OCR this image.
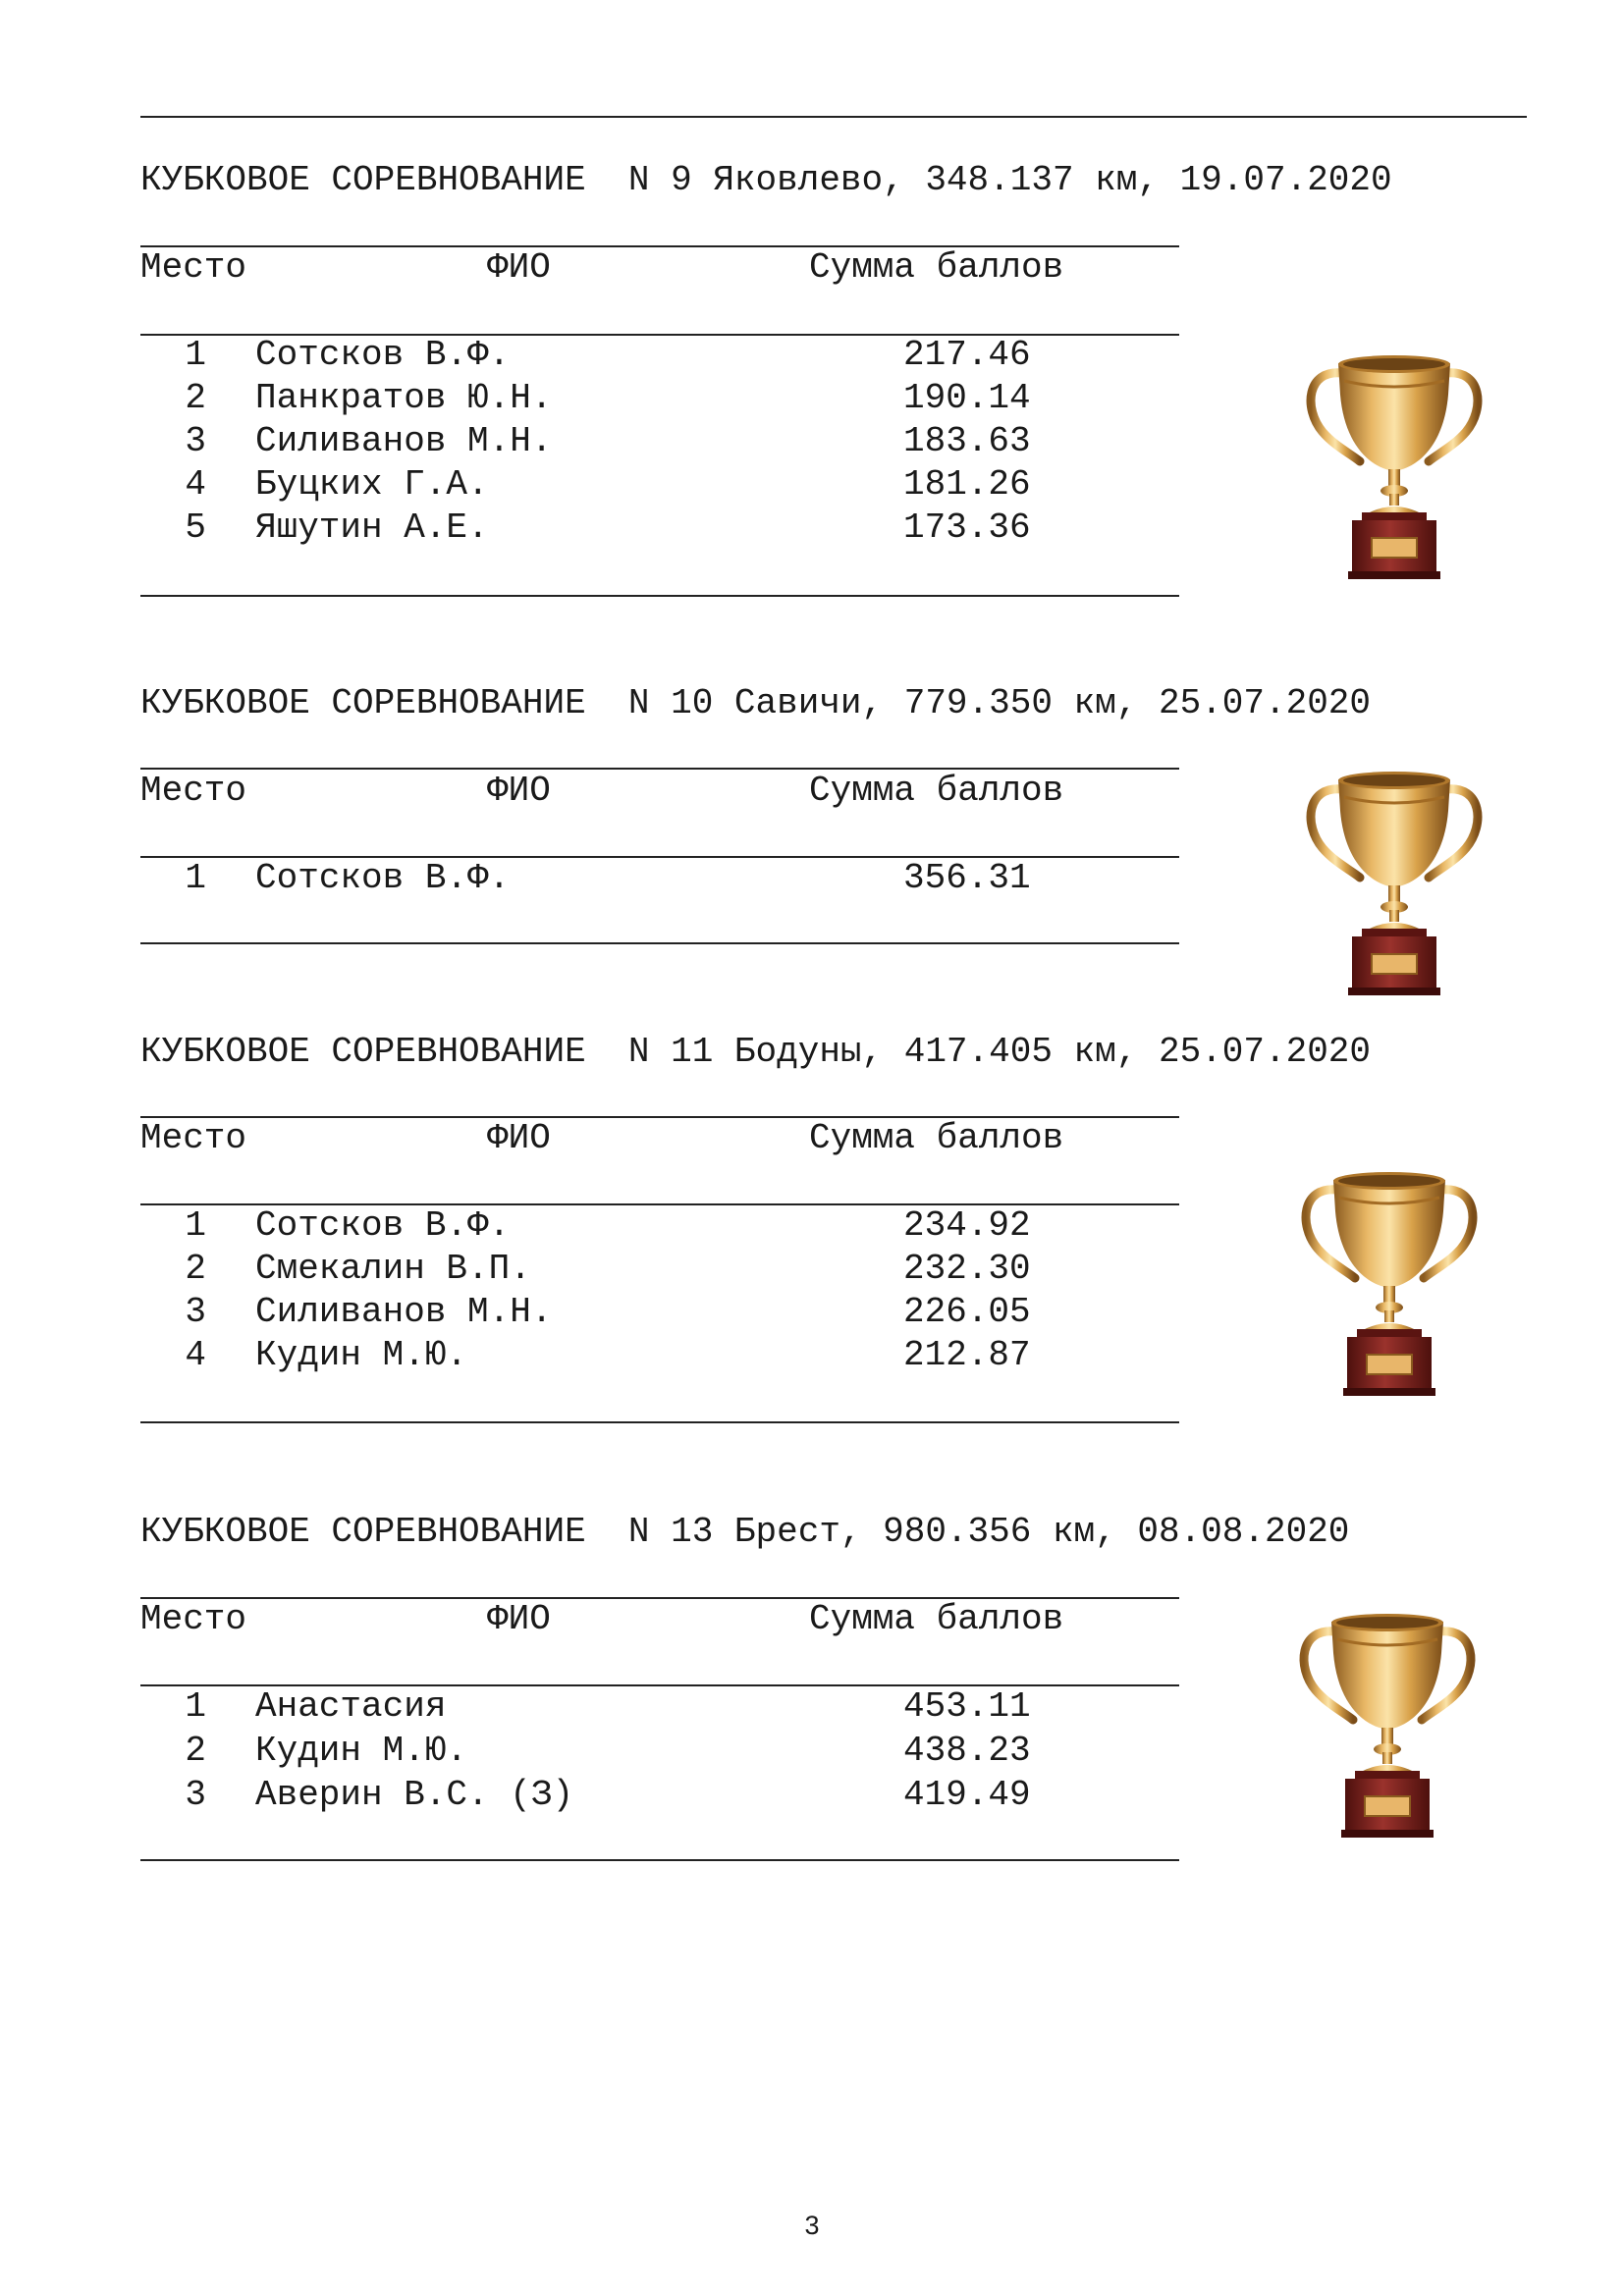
КУБКОВОЕ СОРЕВНОВАНИЕ  N 9 Яковлево, 348.137 км, 19.07.2020
Место	ФИО	Сумма баллов
1 Сотсков В.Ф.	217.46
2 Панкратов Ю.Н.	190.14
3 Силиванов М.Н.	183.63
4 Буцких Г.А.	181.26
5 Яшутин А.Е.	173.36
КУБКОВОЕ СОРЕВНОВАНИЕ  N 10 Савичи, 779.350 км, 25.07.2020
Место	ФИО	Сумма баллов
1 Сотсков В.Ф.	356.31
КУБКОВОЕ СОРЕВНОВАНИЕ  N 11 Бодуны, 417.405 км, 25.07.2020
Место	ФИО	Сумма баллов
1 Сотсков В.Ф.	234.92
2 Смекалин В.П.	232.30
3 Силиванов М.Н.	226.05
4 Кудин М.Ю.	212.87
КУБКОВОЕ СОРЕВНОВАНИЕ  N 13 Брест, 980.356 км, 08.08.2020
Место	ФИО	Сумма баллов
1 Анастасия	453.11
2 Кудин М.Ю.	438.23
3 Аверин В.С. (З)	419.49
3
